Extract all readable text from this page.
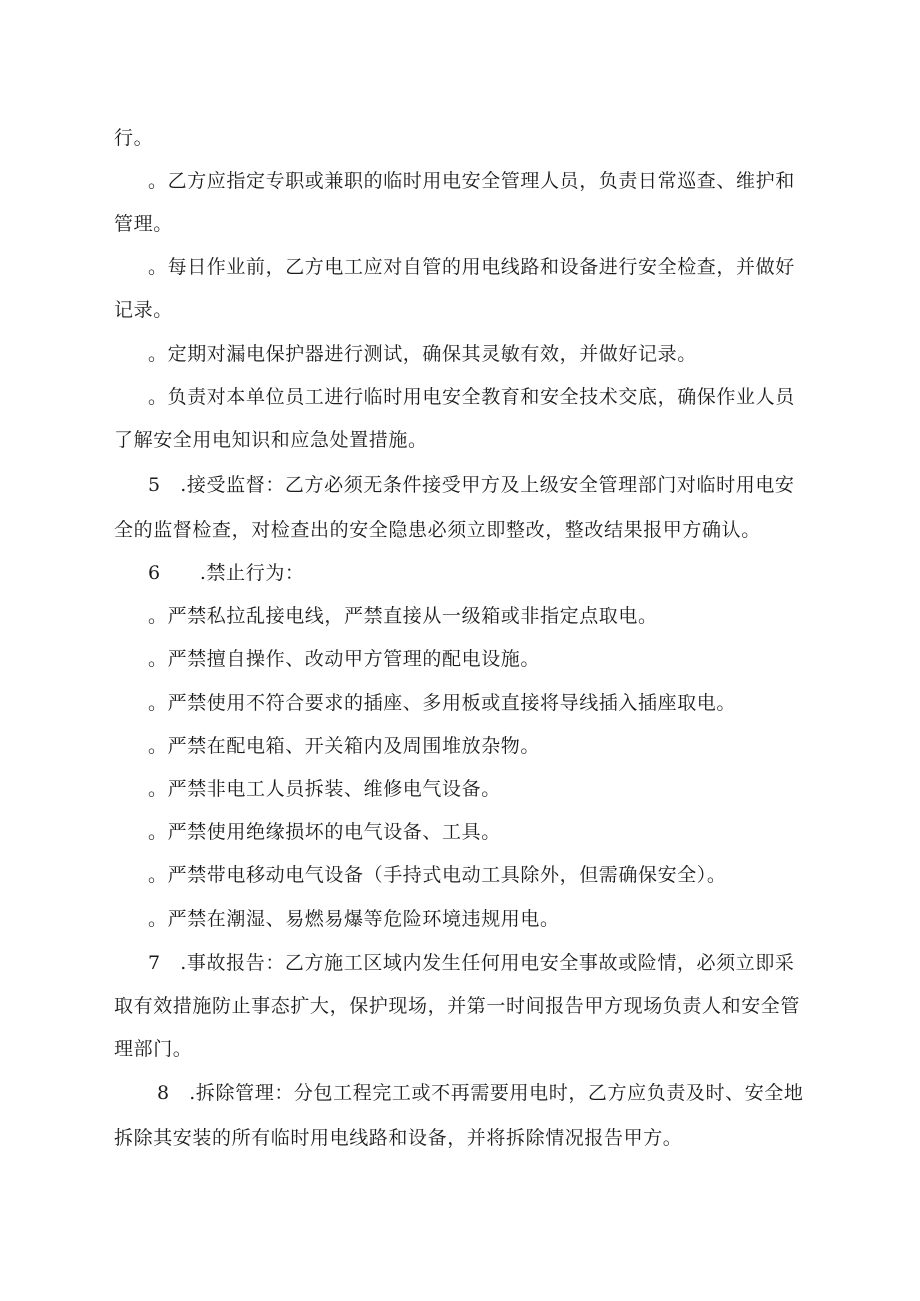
行。
。乙方应指定专职或兼职的临时用电安全管理人员，负责日常巡查、维护和
管理。
。每日作业前，乙方电工应对自管的用电线路和设备进行安全检查，并做好
记录。
。定期对漏电保护器进行测试，确保其灵敏有效，并做好记录。
。负责对本单位员工进行临时用电安全教育和安全技术交底，确保作业人员
了解安全用电知识和应急处置措施。
5　.接受监督：乙方必须无条件接受甲方及上级安全管理部门对临时用电安
全的监督检查，对检查出的安全隐患必须立即整改，整改结果报甲方确认。
6　　.禁止行为：
。严禁私拉乱接电线，严禁直接从一级箱或非指定点取电。
。严禁擅自操作、改动甲方管理的配电设施。
。严禁使用不符合要求的插座、多用板或直接将导线插入插座取电。
。严禁在配电箱、开关箱内及周围堆放杂物。
。严禁非电工人员拆装、维修电气设备。
。严禁使用绝缘损坏的电气设备、工具。
。严禁带电移动电气设备（手持式电动工具除外，但需确保安全）。
。严禁在潮湿、易燃易爆等危险环境违规用电。
7　.事故报告：乙方施工区域内发生任何用电安全事故或险情，必须立即采
取有效措施防止事态扩大，保护现场，并第一时间报告甲方现场负责人和安全管
理部门。
8　.拆除管理：分包工程完工或不再需要用电时，乙方应负责及时、安全地
拆除其安装的所有临时用电线路和设备，并将拆除情况报告甲方。
